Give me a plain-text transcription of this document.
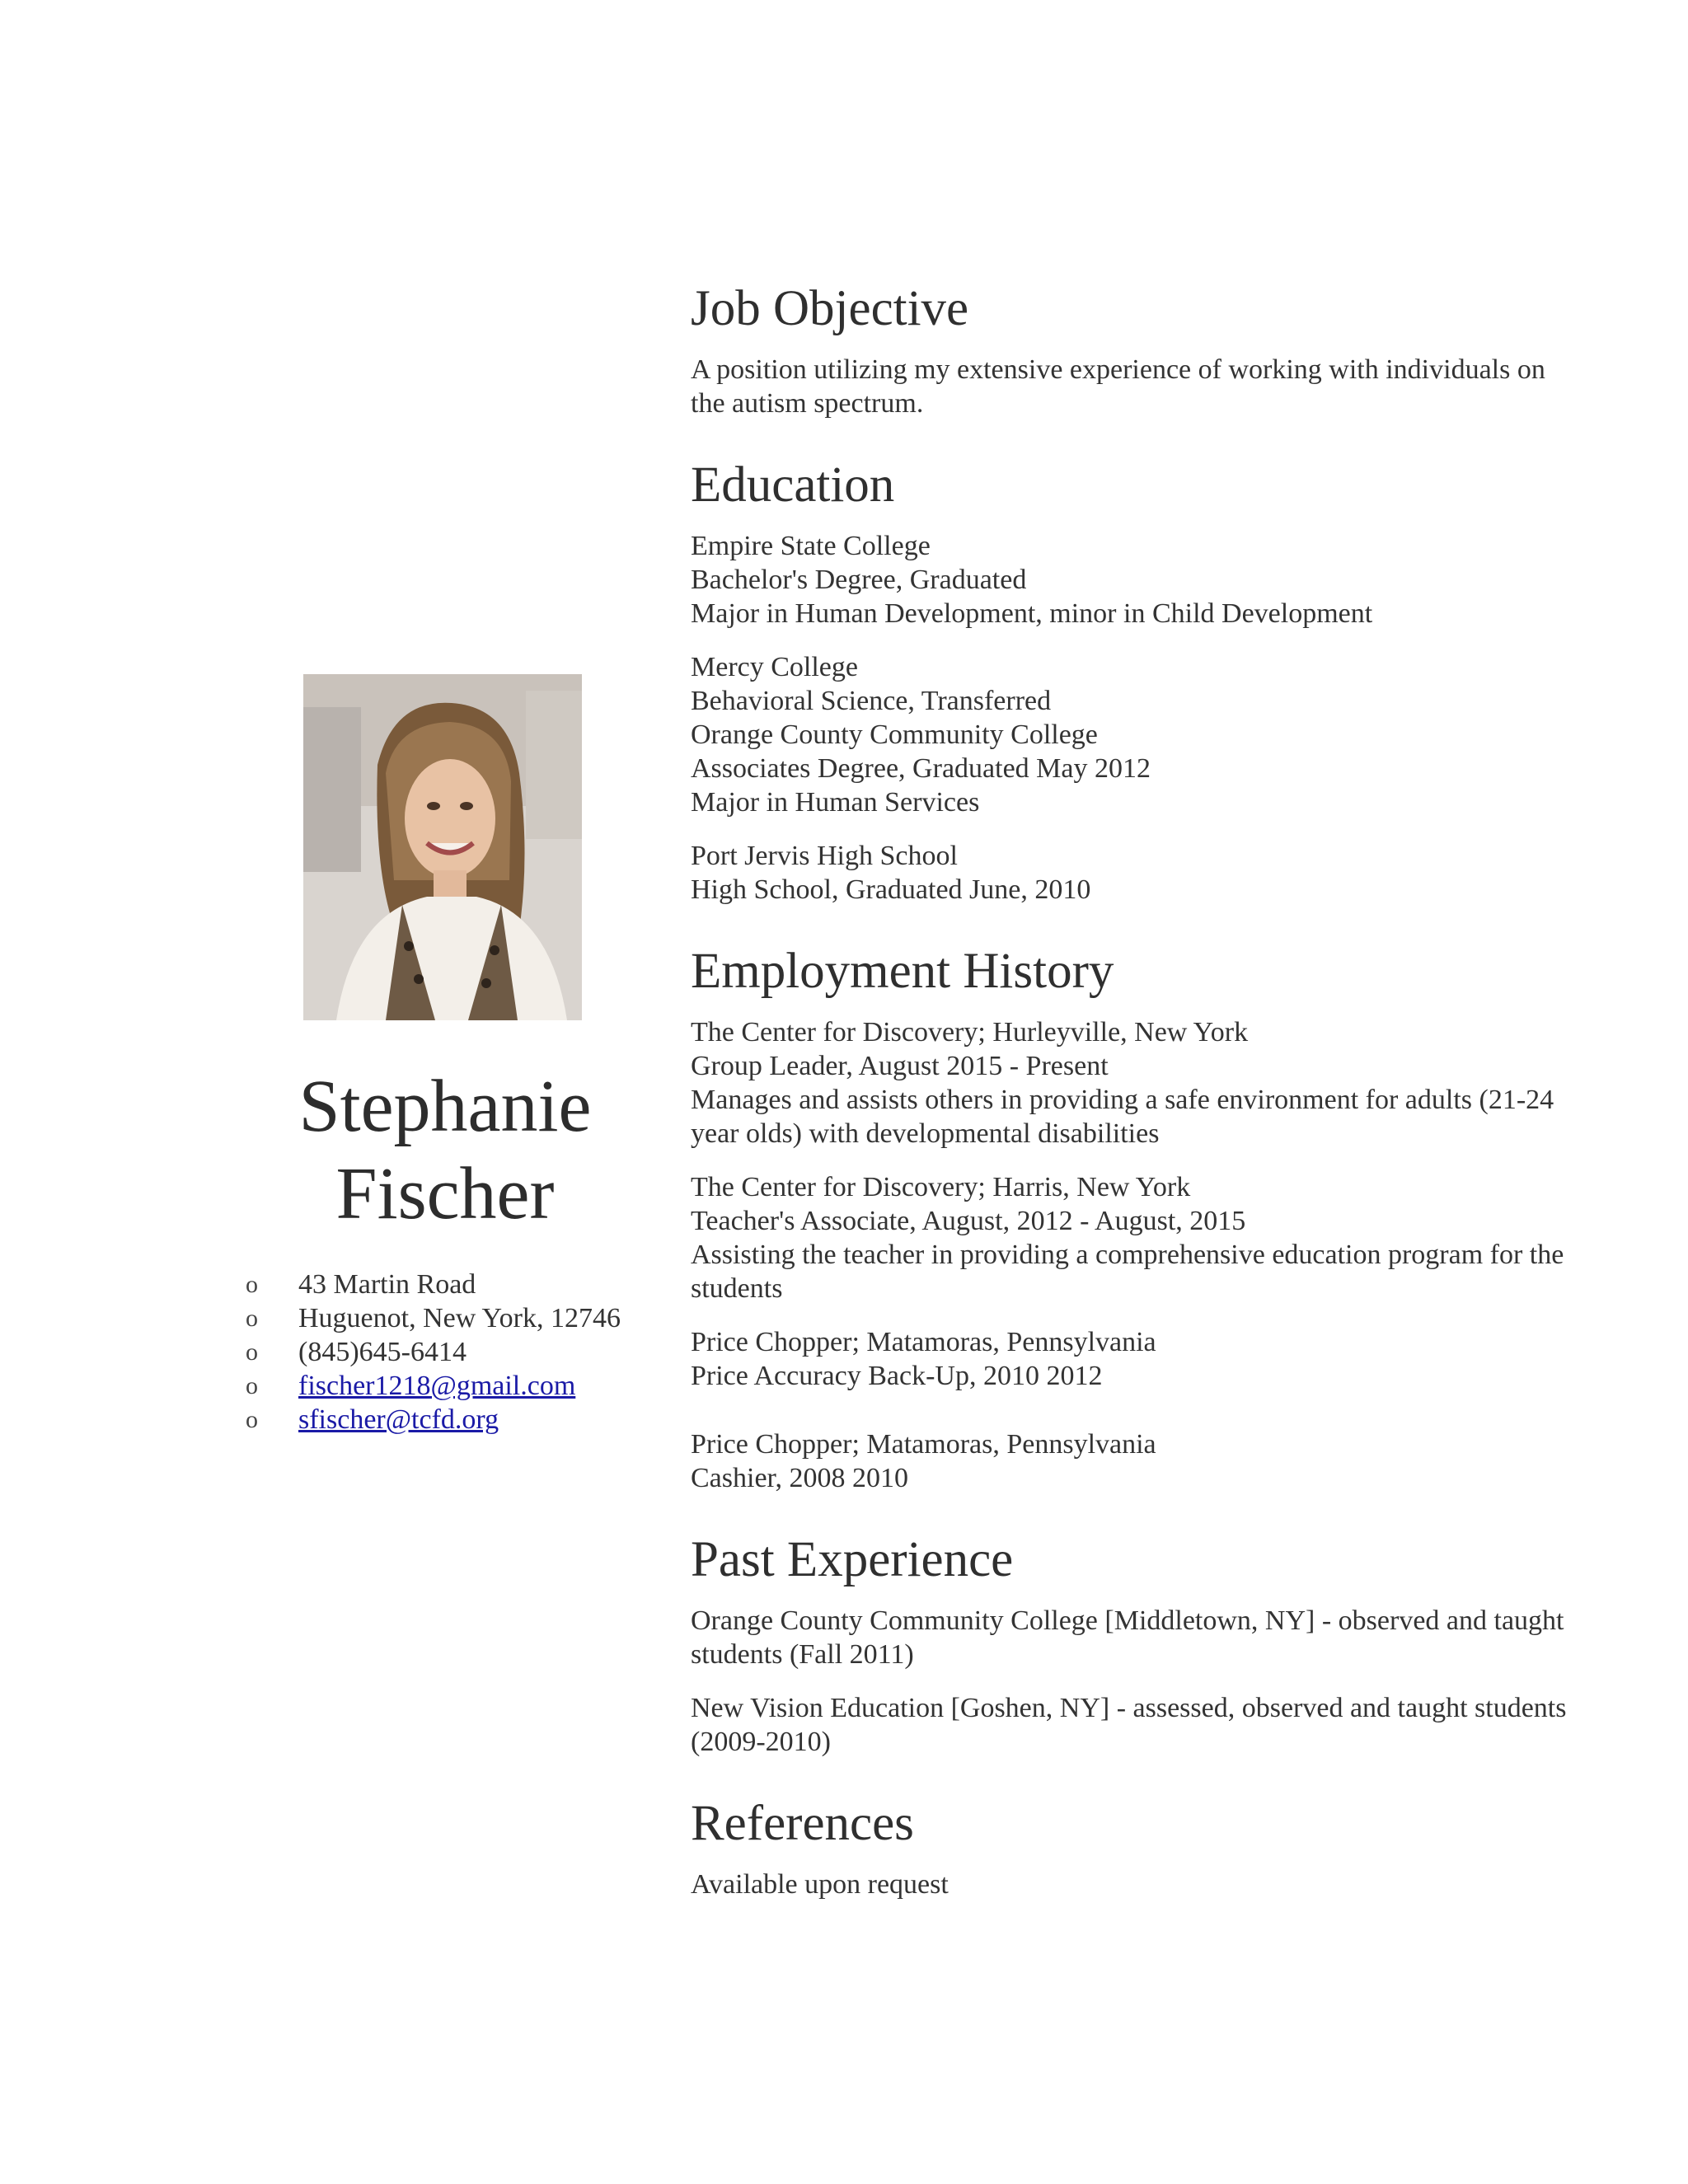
Stephanie
Fischer
o 43 Martin Road
o Huguenot, New York, 12746
o (845)645-6414
o fischer1218@gmail.com
o sfischer@tcfd.org
Job Objective

A position utilizing my extensive experience of working with individuals on the autism spectrum.

Education

Empire State College
Bachelor's Degree, Graduated
Major in Human Development, minor in Child Development

Mercy College
Behavioral Science, Transferred
Orange County Community College
Associates Degree, Graduated May 2012
Major in Human Services

Port Jervis High School
High School, Graduated June, 2010

Employment History

The Center for Discovery; Hurleyville, New York
Group Leader, August 2015 - Present
Manages and assists others in providing a safe environment for adults (21-24 year olds) with developmental disabilities

The Center for Discovery; Harris, New York
Teacher's Associate, August, 2012 - August, 2015
Assisting the teacher in providing a comprehensive education program for the students

Price Chopper; Matamoras, Pennsylvania
Price Accuracy Back-Up, 2010 2012

Price Chopper; Matamoras, Pennsylvania
Cashier, 2008 2010

Past Experience

Orange County Community College [Middletown, NY] - observed and taught students (Fall 2011)

New Vision Education [Goshen, NY] - assessed, observed and taught students (2009-2010)

References

Available upon request
